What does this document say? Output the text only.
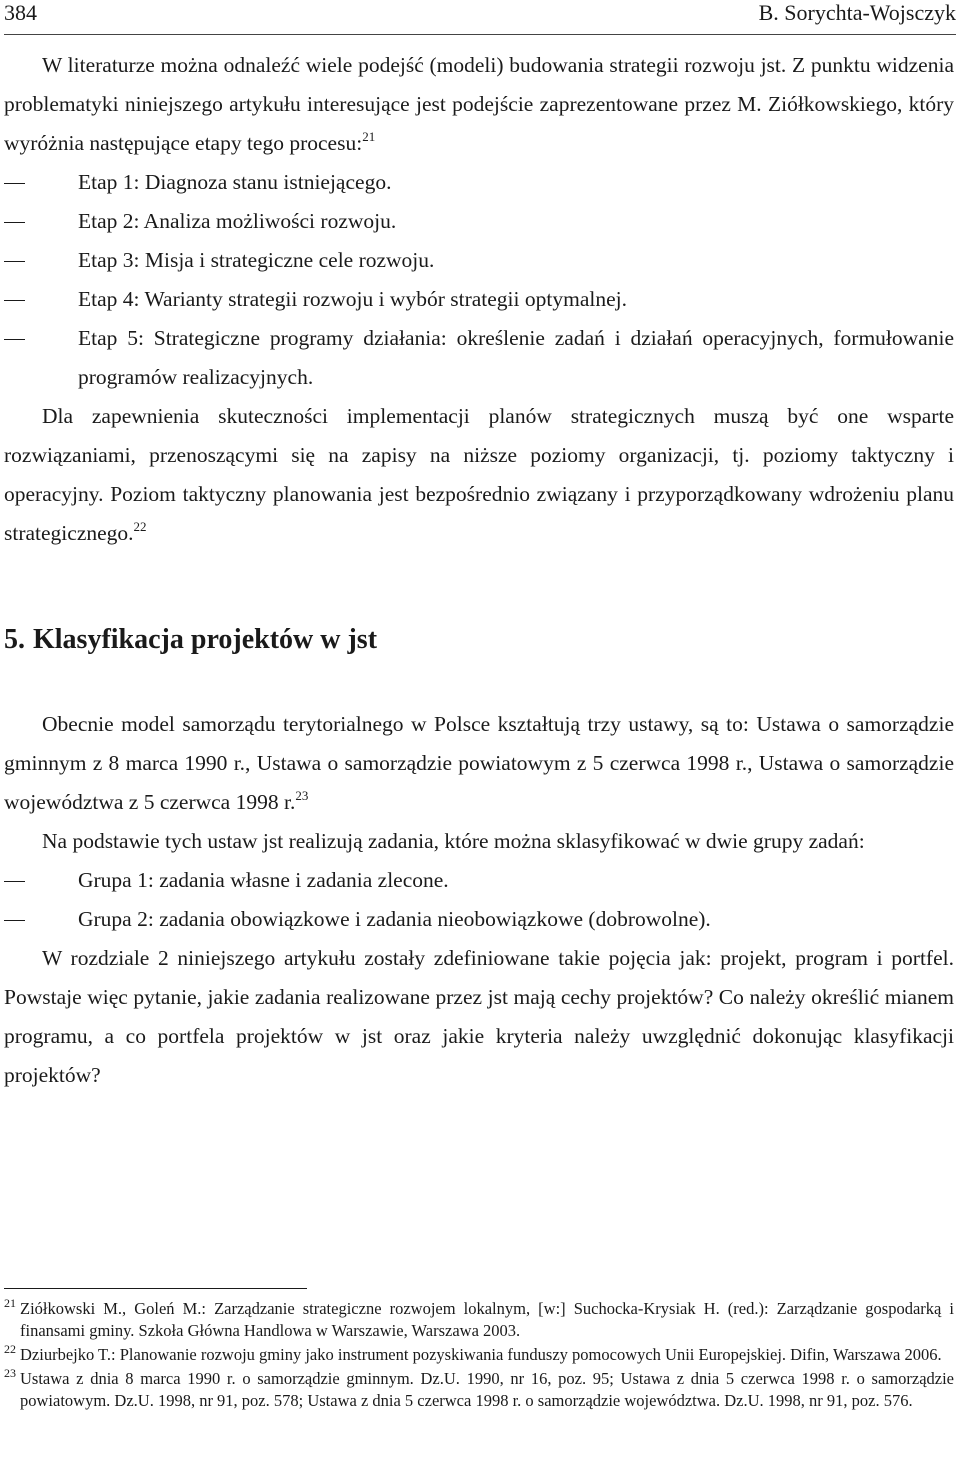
384	B. Sorychta-Wojsczyk

W literaturze można odnaleźć wiele podejść (modeli) budowania strategii rozwoju jst. Z punktu widzenia problematyki niniejszego artykułu interesujące jest podejście zaprezentowane przez M. Ziółkowskiego, który wyróżnia następujące etapy tego procesu:$^{21}$

Etap 1: Diagnoza stanu istniejącego.
Etap 2: Analiza możliwości rozwoju.
Etap 3: Misja i strategiczne cele rozwoju.
Etap 4: Warianty strategii rozwoju i wybór strategii optymalnej.
Etap 5: Strategiczne programy działania: określenie zadań i działań operacyjnych, formułowanie programów realizacyjnych.

Dla zapewnienia skuteczności implementacji planów strategicznych muszą być one wsparte rozwiązaniami, przenoszącymi się na zapisy na niższe poziomy organizacji, tj. poziomy taktyczny i operacyjny. Poziom taktyczny planowania jest bezpośrednio związany i przyporządkowany wdrożeniu planu strategicznego.$^{22}$

5. Klasyfikacja projektów w jst

Obecnie model samorządu terytorialnego w Polsce kształtują trzy ustawy, są to: Ustawa o samorządzie gminnym z 8 marca 1990 r., Ustawa o samorządzie powiatowym z 5 czerwca 1998 r., Ustawa o samorządzie województwa z 5 czerwca 1998 r.$^{23}$

Na podstawie tych ustaw jst realizują zadania, które można sklasyfikować w dwie grupy zadań:

Grupa 1: zadania własne i zadania zlecone.
Grupa 2: zadania obowiązkowe i zadania nieobowiązkowe (dobrowolne).

W rozdziale 2 niniejszego artykułu zostały zdefiniowane takie pojęcia jak: projekt, program i portfel. Powstaje więc pytanie, jakie zadania realizowane przez jst mają cechy projektów? Co należy określić mianem programu, a co portfela projektów w jst oraz jakie kryteria należy uwzględnić dokonując klasyfikacji projektów?

21 Ziółkowski M., Goleń M.: Zarządzanie strategiczne rozwojem lokalnym, [w:] Suchocka-Krysiak H. (red.): Zarządzanie gospodarką i finansami gminy. Szkoła Główna Handlowa w Warszawie, Warszawa 2003.

22 Dziurbejko T.: Planowanie rozwoju gminy jako instrument pozyskiwania funduszy pomocowych Unii Europejskiej. Difin, Warszawa 2006.

23 Ustawa z dnia 8 marca 1990 r. o samorządzie gminnym. Dz.U. 1990, nr 16, poz. 95; Ustawa z dnia 5 czerwca 1998 r. o samorządzie powiatowym. Dz.U. 1998, nr 91, poz. 578; Ustawa z dnia 5 czerwca 1998 r. o samorządzie województwa. Dz.U. 1998, nr 91, poz. 576.
